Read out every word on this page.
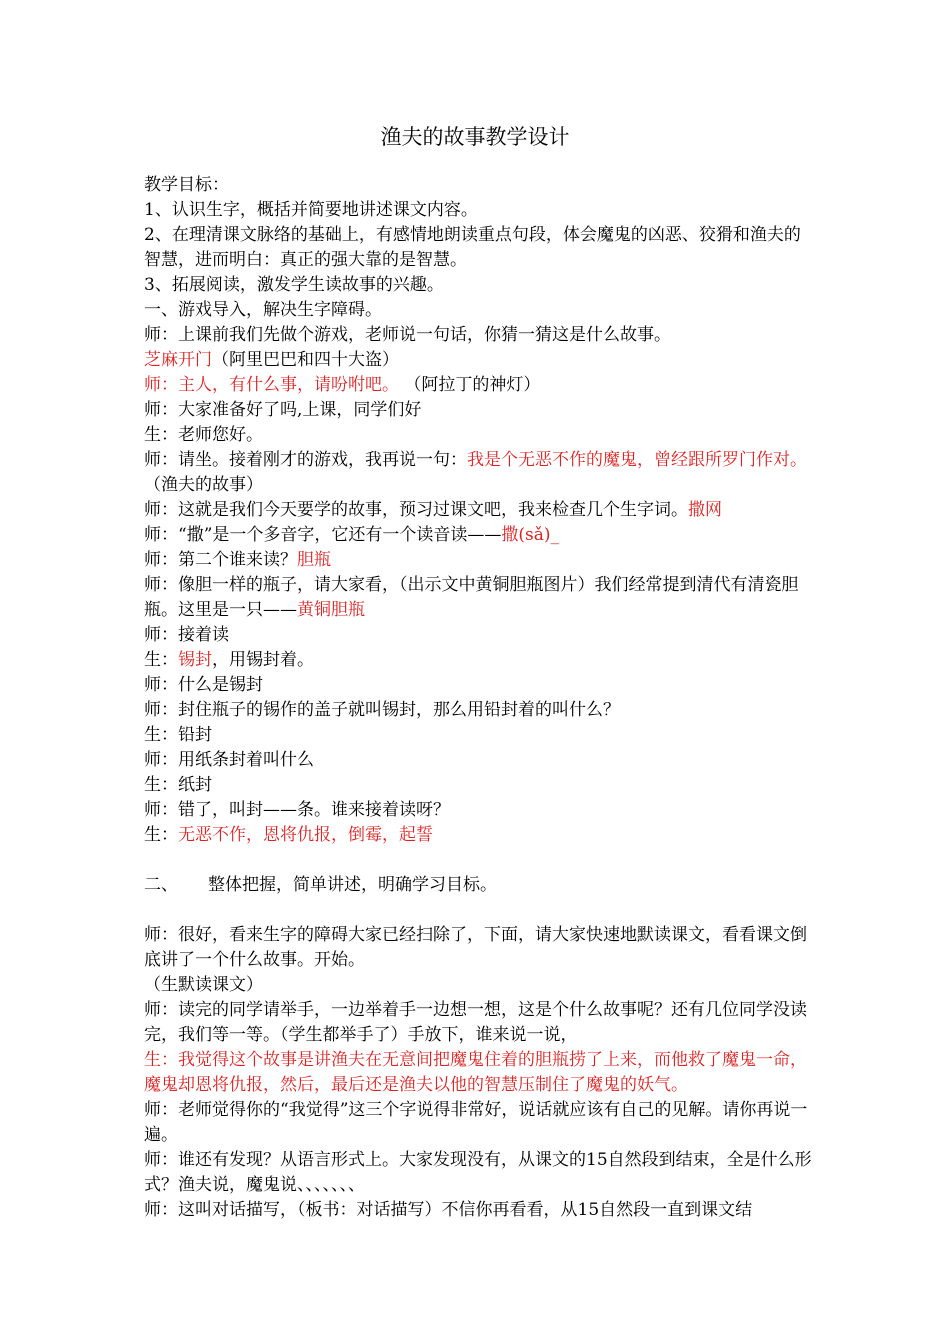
渔夫的故事教学设计

教学目标：

1、认识生字，概括并简要地讲述课文内容。

2、在理清课文脉络的基础上，有感情地朗读重点句段，体会魔鬼的凶恶、狡猾和渔夫的智慧，进而明白：真正的强大靠的是智慧。

3、拓展阅读，激发学生读故事的兴趣。

一、游戏导入，解决生字障碍。

师：上课前我们先做个游戏，老师说一句话，你猜一猜这是什么故事。

芝麻开门（阿里巴巴和四十大盗）

师：主人，有什么事，请吩咐吧。 （阿拉丁的神灯）

师：大家准备好了吗,上课，同学们好

生：老师您好。

师：请坐。接着刚才的游戏，我再说一句：我是个无恶不作的魔鬼，曾经跟所罗门作对。（渔夫的故事）

师：这就是我们今天要学的故事，预习过课文吧，我来检查几个生字词。撒网

师：“撒”是一个多音字，它还有一个读音读——撒(sǎ)_

师：第二个谁来读？胆瓶

师：像胆一样的瓶子，请大家看，（出示文中黄铜胆瓶图片）我们经常提到清代有清瓷胆瓶。这里是一只——黄铜胆瓶

师：接着读

生：锡封，用锡封着。

师：什么是锡封

师：封住瓶子的锡作的盖子就叫锡封，那么用铅封着的叫什么？

生：铅封

师：用纸条封着叫什么

生：纸封

师：错了，叫封——条。谁来接着读呀？

生：无恶不作，恩将仇报，倒霉，起誓

二、 整体把握，简单讲述，明确学习目标。

师：很好，看来生字的障碍大家已经扫除了，下面，请大家快速地默读课文，看看课文倒底讲了一个什么故事。开始。

（生默读课文）

师：读完的同学请举手，一边举着手一边想一想，这是个什么故事呢？还有几位同学没读完，我们等一等。（学生都举手了）手放下，谁来说一说，

生：我觉得这个故事是讲渔夫在无意间把魔鬼住着的胆瓶捞了上来，而他救了魔鬼一命，魔鬼却恩将仇报，然后，最后还是渔夫以他的智慧压制住了魔鬼的妖气。

师：老师觉得你的“我觉得”这三个字说得非常好，说话就应该有自己的见解。请你再说一遍。

师：谁还有发现？从语言形式上。大家发现没有，从课文的15自然段到结束，全是什么形式？渔夫说，魔鬼说、、、、、、、

师：这叫对话描写，（板书：对话描写）不信你再看看，从15自然段一直到课文结
